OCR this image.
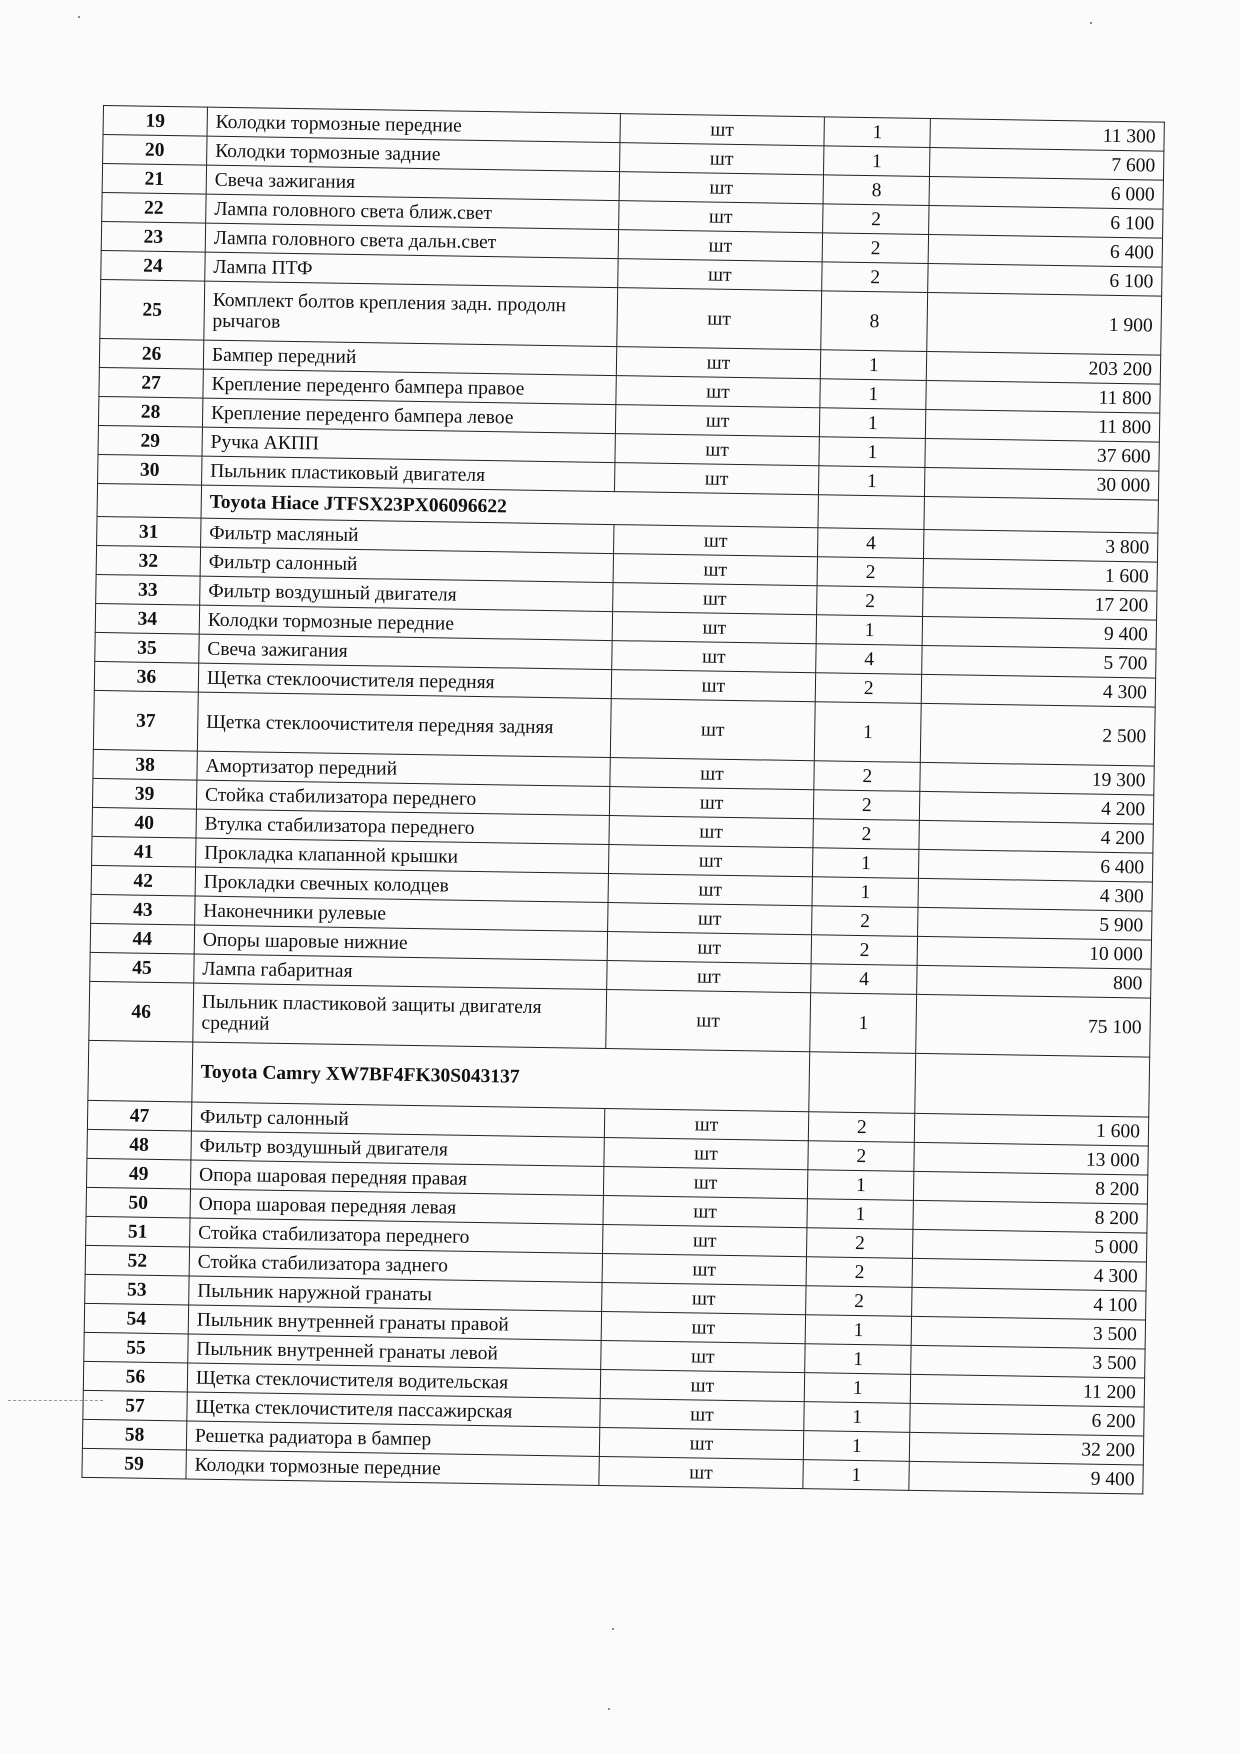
19	Колодки тормозные передние	шт	1	11 300
20	Колодки тормозные задние	шт	1	7 600
21	Свеча зажигания	шт	8	6 000
22	Лампа головного света ближ.свет	шт	2	6 100
23	Лампа головного света дальн.свет	шт	2	6 400
24	Лампа ПТФ	шт	2	6 100
25	Комплект болтов крепления задн. продолн рычагов	шт	8	1 900
26	Бампер передний	шт	1	203 200
27	Крепление переденго бампера правое	шт	1	11 800
28	Крепление переденго бампера левое	шт	1	11 800
29	Ручка АКПП	шт	1	37 600
30	Пыльник пластиковый двигателя	шт	1	30 000
	Toyota Hiace JTFSX23PX06096622			
31	Фильтр масляный	шт	4	3 800
32	Фильтр салонный	шт	2	1 600
33	Фильтр воздушный двигателя	шт	2	17 200
34	Колодки тормозные передние	шт	1	9 400
35	Свеча зажигания	шт	4	5 700
36	Щетка стеклоочистителя передняя	шт	2	4 300
37	Щетка стеклоочистителя передняя задняя	шт	1	2 500
38	Амортизатор передний	шт	2	19 300
39	Стойка стабилизатора переднего	шт	2	4 200
40	Втулка стабилизатора переднего	шт	2	4 200
41	Прокладка клапанной крышки	шт	1	6 400
42	Прокладки свечных колодцев	шт	1	4 300
43	Наконечники рулевые	шт	2	5 900
44	Опоры шаровые нижние	шт	2	10 000
45	Лампа габаритная	шт	4	800
46	Пыльник пластиковой защиты двигателя средний	шт	1	75 100
	Toyota Camry XW7BF4FK30S043137			
47	Фильтр салонный	шт	2	1 600
48	Фильтр воздушный двигателя	шт	2	13 000
49	Опора шаровая передняя правая	шт	1	8 200
50	Опора шаровая передняя левая	шт	1	8 200
51	Стойка стабилизатора переднего	шт	2	5 000
52	Стойка стабилизатора заднего	шт	2	4 300
53	Пыльник наружной гранаты	шт	2	4 100
54	Пыльник внутренней гранаты правой	шт	1	3 500
55	Пыльник внутренней гранаты левой	шт	1	3 500
56	Щетка стеклочистителя водительская	шт	1	11 200
57	Щетка стеклочистителя пассажирская	шт	1	6 200
58	Решетка радиатора в бампер	шт	1	32 200
59	Колодки тормозные передние	шт	1	9 400
